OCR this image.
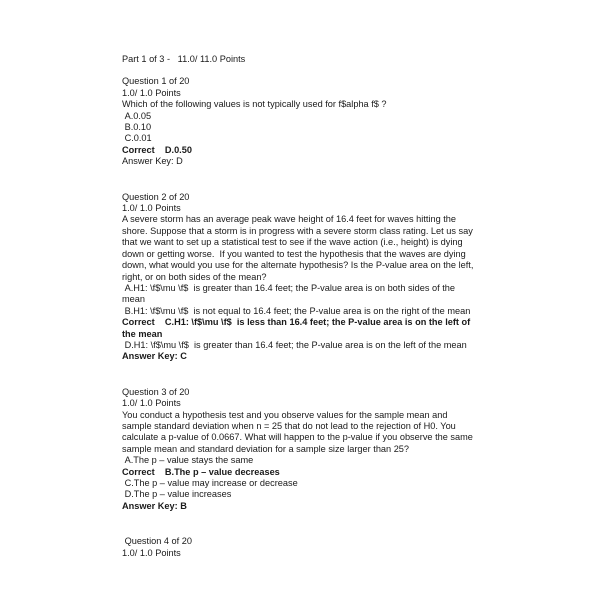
Part 1 of 3 -   11.0/ 11.0 Points
Question 1 of 20
1.0/ 1.0 Points
Which of the following values is not typically used for f$alpha f$ ?
A.0.05
B.0.10
C.0.01
Correct    D.0.50
Answer Key: D
Question 2 of 20
1.0/ 1.0 Points
A severe storm has an average peak wave height of 16.4 feet for waves hitting the shore. Suppose that a storm is in progress with a severe storm class rating. Let us say that we want to set up a statistical test to see if the wave action (i.e., height) is dying down or getting worse.  If you wanted to test the hypothesis that the waves are dying down, what would you use for the alternate hypothesis? Is the P-value area on the left, right, or on both sides of the mean?
A.H1: \f$\mu \f$  is greater than 16.4 feet; the P-value area is on both sides of the mean
B.H1: \f$\mu \f$  is not equal to 16.4 feet; the P-value area is on the right of the mean
Correct    C.H1: \f$\mu \f$  is less than 16.4 feet; the P-value area is on the left of the mean
D.H1: \f$\mu \f$  is greater than 16.4 feet; the P-value area is on the left of the mean
Answer Key: C
Question 3 of 20
1.0/ 1.0 Points
You conduct a hypothesis test and you observe values for the sample mean and sample standard deviation when n = 25 that do not lead to the rejection of H0. You calculate a p-value of 0.0667. What will happen to the p-value if you observe the same sample mean and standard deviation for a sample size larger than 25?
A.The p – value stays the same
Correct    B.The p – value decreases
C.The p – value may increase or decrease
D.The p – value increases
Answer Key: B
Question 4 of 20
1.0/ 1.0 Points
